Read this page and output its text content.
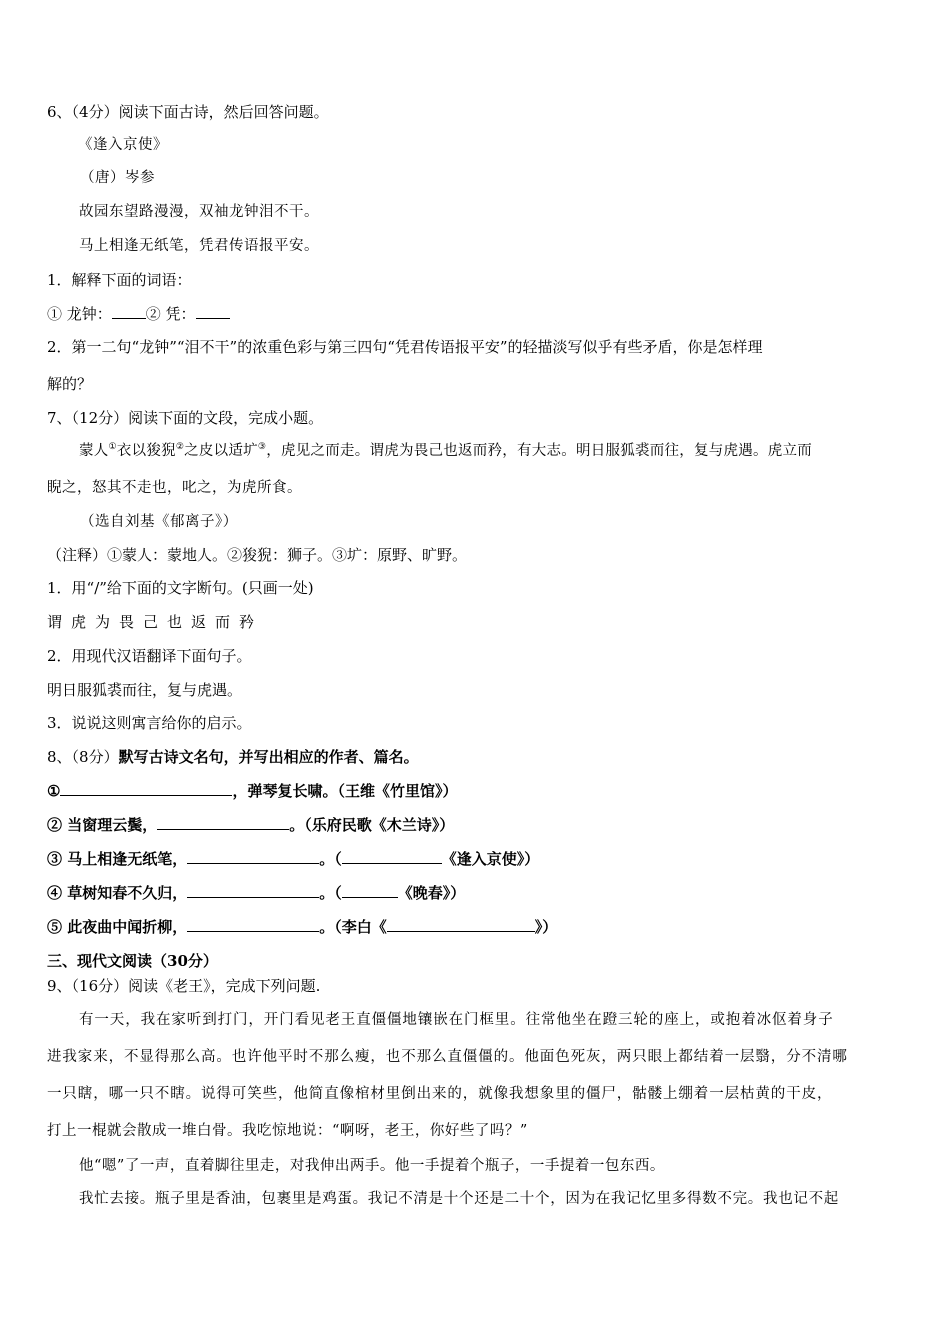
6、（4分）阅读下面古诗，然后回答问题。
《逢入京使》
（唐）岑参
故园东望路漫漫，双袖龙钟泪不干。
马上相逢无纸笔，凭君传语报平安。
1．解释下面的词语：
① 龙钟： ② 凭：
2．第一二句“龙钟”“泪不干”的浓重色彩与第三四句“凭君传语报平安”的轻描淡写似乎有些矛盾，你是怎样理
解的？
7、（12分）阅读下面的文段，完成小题。
蒙人①衣以狻猊②之皮以适圹③，虎见之而走。谓虎为畏己也返而矜，有大志。明日服狐裘而往，复与虎遇。虎立而
睨之，怒其不走也，叱之，为虎所食。
（选自刘基《郁离子》）
（注释）①蒙人：蒙地人。②狻猊：狮子。③圹：原野、旷野。
1．用“/”给下面的文字断句。(只画一处)
谓虎为畏己也返而矜
2．用现代汉语翻译下面句子。
明日服狐裘而往，复与虎遇。
3．说说这则寓言给你的启示。
8、（8分）默写古诗文名句，并写出相应的作者、篇名。
①	，弹琴复长啸。（王维《竹里馆》）
② 当窗理云鬓，	。（乐府民歌《木兰诗》）
③ 马上相逢无纸笔，	。（	《逢入京使》）
④ 草树知春不久归，	。（	《晚春》）
⑤ 此夜曲中闻折柳，	。（李白《	》）
三、现代文阅读（30分）
9、（16分）阅读《老王》，完成下列问题.
有一天，我在家听到打门，开门看见老王直僵僵地镶嵌在门框里。往常他坐在蹬三轮的座上，或抱着冰伛着身子
进我家来，不显得那么高。也许他平时不那么瘦，也不那么直僵僵的。他面色死灰，两只眼上都结着一层翳，分不清哪
一只瞎，哪一只不瞎。说得可笑些，他简直像棺材里倒出来的，就像我想象里的僵尸，骷髅上绷着一层枯黄的干皮，
打上一棍就会散成一堆白骨。我吃惊地说：“啊呀，老王，你好些了吗？”
他“嗯”了一声，直着脚往里走，对我伸出两手。他一手提着个瓶子，一手提着一包东西。
我忙去接。瓶子里是香油，包裹里是鸡蛋。我记不清是十个还是二十个，因为在我记忆里多得数不完。我也记不起
